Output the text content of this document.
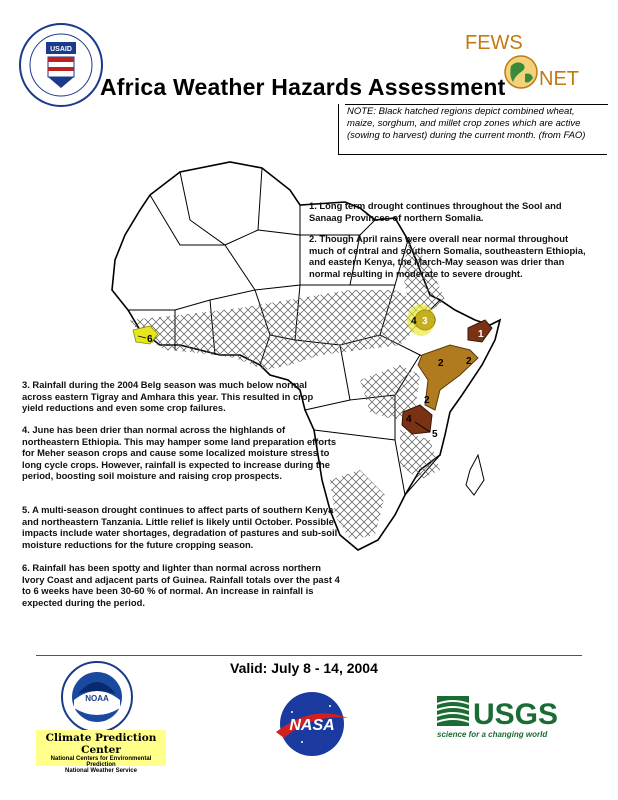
USAID
Africa Weather Hazards Assessment
FEWS
NET
NOTE: Black hatched regions depict combined wheat, maize, sorghum, and millet crop zones which are active (sowing to harvest) during the current month. (from FAO)
1
2 2
2
3
4
4
5
6
1. Long term drought continues throughout the Sool and Sanaag Provinces of northern Somalia.
2. Though April rains were overall near normal throughout much of central and southern Somalia, southeastern Ethiopia, and eastern Kenya, the March-May season was drier than normal resulting in moderate to severe drought.
3. Rainfall during the 2004 Belg season was much below normal across eastern Tigray and Amhara this year. This resulted in crop yield reductions and even some crop failures.
4. June has been drier than normal across the highlands of northeastern Ethiopia. This may hamper some land preparation efforts for Meher season crops and cause some localized moisture stress to long cycle crops. However, rainfall is expected to increase during the period, boosting soil moisture and raising crop prospects.
5. A multi-season drought continues to affect parts of southern Kenya and northeastern Tanzania. Little relief is likely until October. Possible impacts include water shortages, degradation of pastures and sub-soil moisture reductions for the future cropping season.
6. Rainfall has been spotty and lighter than normal across northern Ivory Coast and adjacent parts of Guinea. Rainfall totals over the past 4 to 6 weeks have been 30-60 % of normal. An increase in rainfall is expected during the period.
Valid: July 8 - 14, 2004
NOAA
Climate Prediction Center
National Centers for Environmental Prediction
National Weather Service
NASA	USGS
science for a changing world
